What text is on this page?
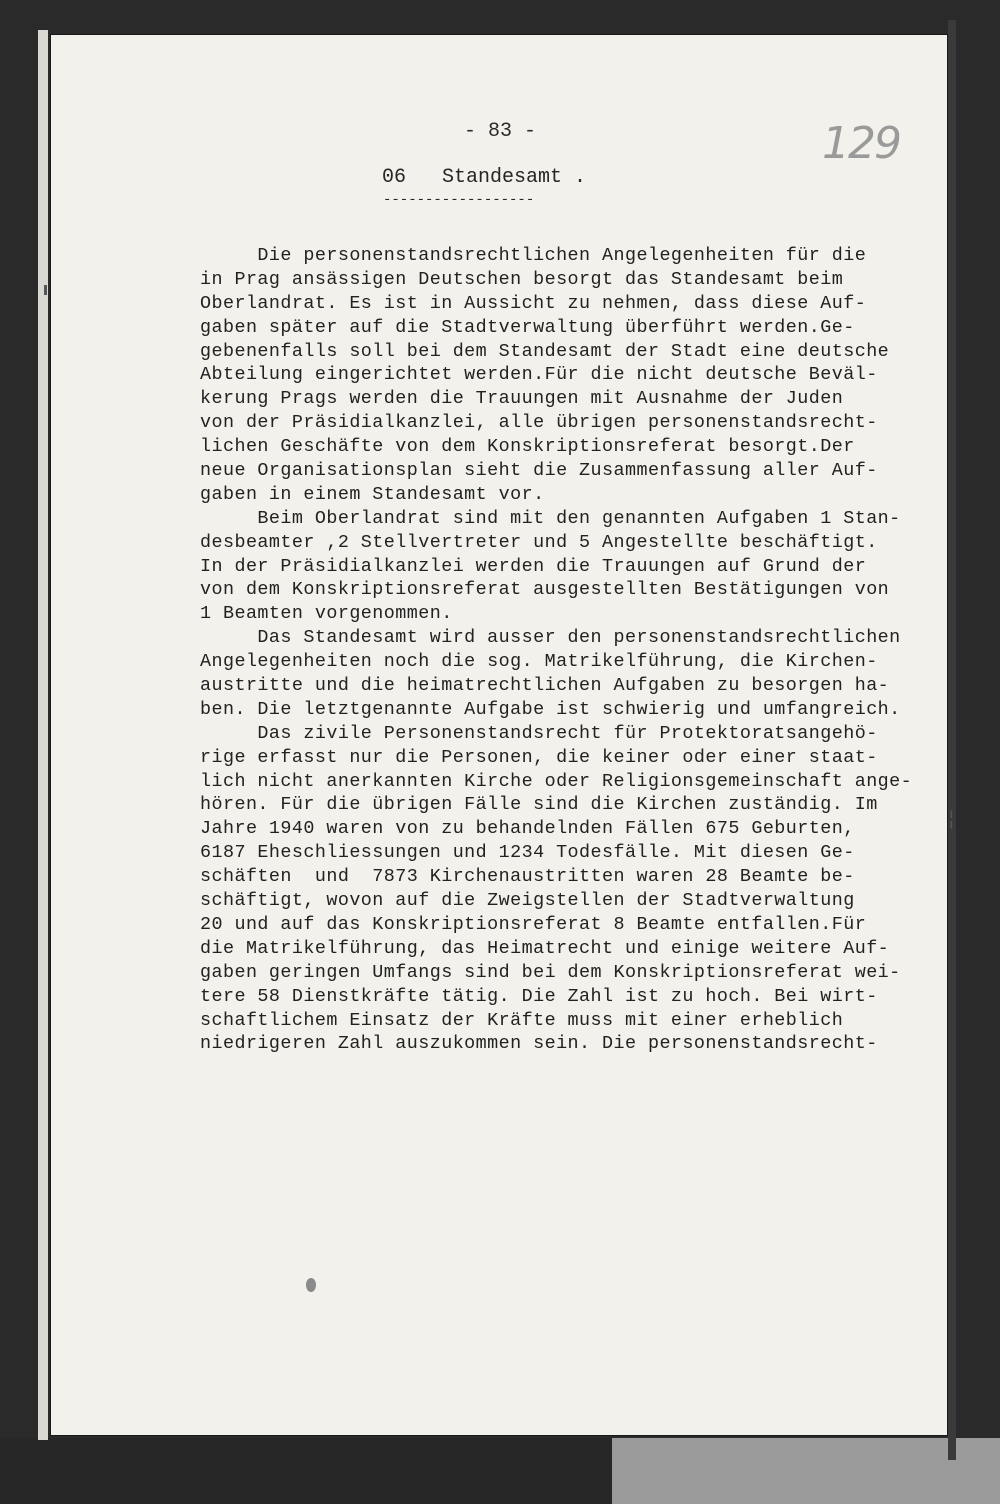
- 83 -	129
06   Standesamt .
------------------
Die personenstandsrechtlichen Angelegenheiten für die
in Prag ansässigen Deutschen besorgt das Standesamt beim
Oberlandrat. Es ist in Aussicht zu nehmen, dass diese Auf-
gaben später auf die Stadtverwaltung überführt werden.Ge-
gebenenfalls soll bei dem Standesamt der Stadt eine deutsche
Abteilung eingerichtet werden.Für die nicht deutsche Beväl-
kerung Prags werden die Trauungen mit Ausnahme der Juden
von der Präsidialkanzlei, alle übrigen personenstandsrecht-
lichen Geschäfte von dem Konskriptionsreferat besorgt.Der
neue Organisationsplan sieht die Zusammenfassung aller Auf-
gaben in einem Standesamt vor.
Beim Oberlandrat sind mit den genannten Aufgaben 1 Stan-
desbeamter ,2 Stellvertreter und 5 Angestellte beschäftigt.
In der Präsidialkanzlei werden die Trauungen auf Grund der
von dem Konskriptionsreferat ausgestellten Bestätigungen von
1 Beamten vorgenommen.
Das Standesamt wird ausser den personenstandsrechtlichen
Angelegenheiten noch die sog. Matrikelführung, die Kirchen-
austritte und die heimatrechtlichen Aufgaben zu besorgen ha-
ben. Die letztgenannte Aufgabe ist schwierig und umfangreich.
Das zivile Personenstandsrecht für Protektoratsangehö-
rige erfasst nur die Personen, die keiner oder einer staat-
lich nicht anerkannten Kirche oder Religionsgemeinschaft ange-
hören. Für die übrigen Fälle sind die Kirchen zuständig. Im
Jahre 1940 waren von zu behandelnden Fällen 675 Geburten,
6187 Eheschliessungen und 1234 Todesfälle. Mit diesen Ge-
schäften  und  7873 Kirchenaustritten waren 28 Beamte be-
schäftigt, wovon auf die Zweigstellen der Stadtverwaltung
20 und auf das Konskriptionsreferat 8 Beamte entfallen.Für
die Matrikelführung, das Heimatrecht und einige weitere Auf-
gaben geringen Umfangs sind bei dem Konskriptionsreferat wei-
tere 58 Dienstkräfte tätig. Die Zahl ist zu hoch. Bei wirt-
schaftlichem Einsatz der Kräfte muss mit einer erheblich
niedrigeren Zahl auszukommen sein. Die personenstandsrecht-
¦
